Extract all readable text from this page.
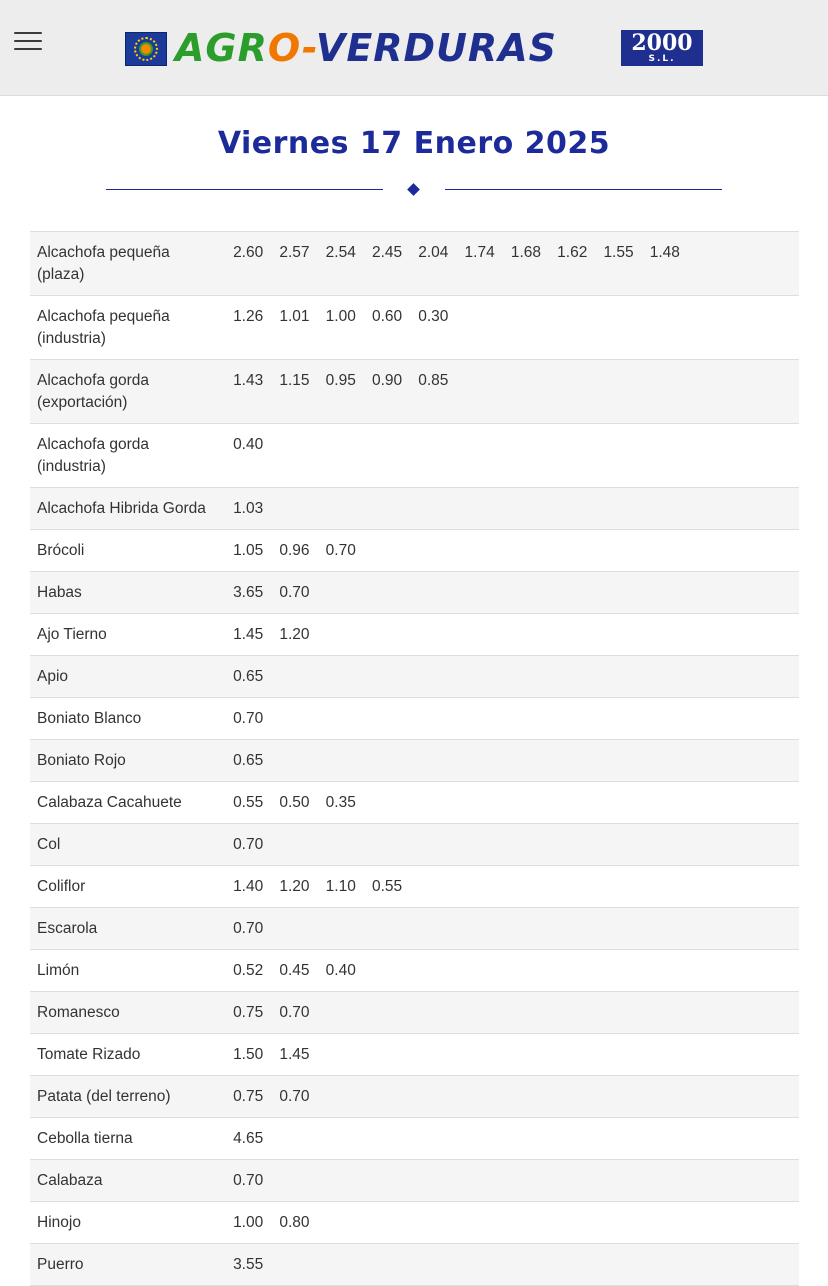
AGRO-VERDURAS	2000
S.L.
Viernes 17 Enero 2025
Alcachofa pequeña (plaza)	2.60	2.57	2.54	2.45	2.04	1.74	1.68	1.62	1.55	1.48	
Alcachofa pequeña (industria)	1.26	1.01	1.00	0.60	0.30						
Alcachofa gorda (exportación)	1.43	1.15	0.95	0.90	0.85						
Alcachofa gorda (industria)	0.40										
Alcachofa Hibrida Gorda	1.03										
Brócoli	1.05	0.96	0.70								
Habas	3.65	0.70									
Ajo Tierno	1.45	1.20									
Apio	0.65										
Boniato Blanco	0.70										
Boniato Rojo	0.65										
Calabaza Cacahuete	0.55	0.50	0.35								
Col	0.70										
Coliflor	1.40	1.20	1.10	0.55							
Escarola	0.70										
Limón	0.52	0.45	0.40								
Romanesco	0.75	0.70									
Tomate Rizado	1.50	1.45									
Patata (del terreno)	0.75	0.70									
Cebolla tierna	4.65										
Calabaza	0.70										
Hinojo	1.00	0.80									
Puerro	3.55										
